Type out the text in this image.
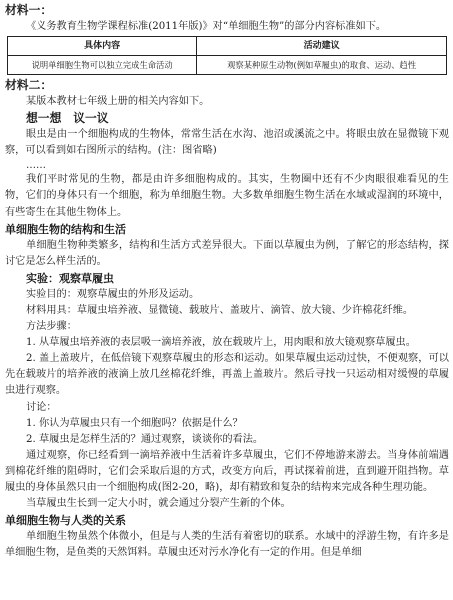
材料一：

《义务教育生物学课程标准(2011年版)》对“单细胞生物”的部分内容标准如下。

具体内容	活动建议
说明单细胞生物可以独立完成生命活动	观察某种原生动物(例如草履虫)的取食、运动、趋性

材料二：

某版本教材七年级上册的相关内容如下。

想一想　议一议

眼虫是由一个细胞构成的生物体，常常生活在水沟、池沼或溪流之中。将眼虫放在显微镜下观察，可以看到如右图所示的结构。(注：图省略)

……

我们平时常见的生物，都是由许多细胞构成的。其实，生物圈中还有不少肉眼很难看见的生物，它们的身体只有一个细胞，称为单细胞生物。大多数单细胞生物生活在水域或湿润的环境中，有些寄生在其他生物体上。

单细胞生物的结构和生活

单细胞生物种类繁多，结构和生活方式差异很大。下面以草履虫为例，了解它的形态结构，探讨它是怎么样生活的。

实验：观察草履虫

实验目的：观察草履虫的外形及运动。

材料用具：草履虫培养液、显微镜、载玻片、盖玻片、滴管、放大镜、少许棉花纤维。

方法步骤：

1. 从草履虫培养液的表层吸一滴培养液，放在载玻片上，用肉眼和放大镜观察草履虫。

2. 盖上盖玻片，在低倍镜下观察草履虫的形态和运动。如果草履虫运动过快，不便观察，可以先在载玻片的培养液的液滴上放几丝棉花纤维，再盖上盖玻片。然后寻找一只运动相对缓慢的草履虫进行观察。

讨论：

1. 你认为草履虫只有一个细胞吗？依据是什么？

2. 草履虫是怎样生活的？通过观察，谈谈你的看法。

通过观察，你已经看到一滴培养液中生活着许多草履虫，它们不停地游来游去。当身体前端遇到棉花纤维的阻碍时，它们会采取后退的方式，改变方向后，再试探着前进，直到避开阻挡物。草履虫的身体虽然只由一个细胞构成(图2-20，略)，却有精致和复杂的结构来完成各种生理功能。

当草履虫生长到一定大小时，就会通过分裂产生新的个体。

单细胞生物与人类的关系

单细胞生物虽然个体微小，但是与人类的生活有着密切的联系。水域中的浮游生物，有许多是单细胞生物，是鱼类的天然饵料。草履虫还对污水净化有一定的作用。但是单细
